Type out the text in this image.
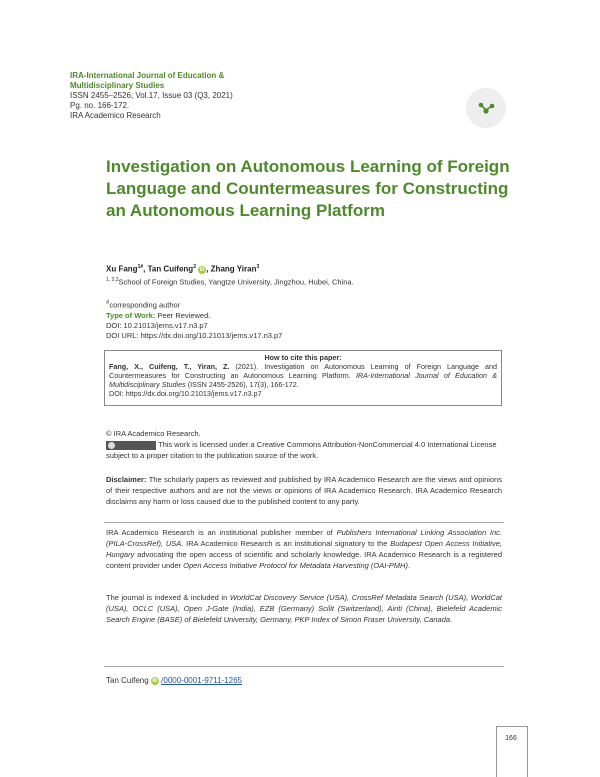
IRA-International Journal of Education &
Multidisciplinary Studies
ISSN 2455–2526; Vol.17, Issue 03 (Q3, 2021)
Pg. no. 166-172.
IRA Academico Research
Investigation on Autonomous Learning of Foreign Language and Countermeasures for Constructing an Autonomous Learning Platform
Xu Fang$^{1\#}$, Tan Cuifeng$^2$ iD , Zhang Yiran$^3$
$^{1, 2,3}$School of Foreign Studies, Yangtze University, Jingzhou, Hubei, China.
#corresponding author
Type of Work: Peer Reviewed.
DOI: 10.21013/jems.v17.n3.p7
DOI URL: https://dx.doi.org/10.21013/jems.v17.n3.p7
How to cite this paper:
Fang, X., Cuifeng, T., Yiran, Z. (2021). Investigation on Autonomous Learning of Foreign Language and Countermeasures for Constructing an Autonomous Learning Platform. IRA-International Journal of Education & Multidisciplinary Studies (ISSN 2455-2526), 17(3), 166-172.
DOI: https://dx.doi.org/10.21013/jems.v17.n3.p7
© IRA Academico Research.
This work is licensed under a Creative Commons Attribution-NonCommercial 4.0 International License subject to a proper citation to the publication source of the work.
Disclaimer: The scholarly papers as reviewed and published by IRA Academico Research are the views and opinions of their respective authors and are not the views or opinions of IRA Academico Research. IRA Academico Research disclaims any harm or loss caused due to the published content to any party.
IRA Academico Research is an institutional publisher member of Publishers International Linking Association Inc. (PILA-CrossRef), USA. IRA Academico Research is an institutional signatory to the Budapest Open Access Initiative, Hungary advocating the open access of scientific and scholarly knowledge. IRA Academico Research is a registered content provider under Open Access Initiative Protocol for Metadata Harvesting (OAI-PMH).
The journal is indexed & included in WorldCat Discovery Service (USA), CrossRef Metadata Search (USA), WorldCat (USA), OCLC (USA), Open J-Gate (India), EZB (Germany) Scilit (Switzerland), Airiti (China), Bielefeld Academic Search Engine (BASE) of Bielefeld University, Germany, PKP Index of Simon Fraser University, Canada.
Tan Cuifeng iD /0000-0001-9711-1265
166
